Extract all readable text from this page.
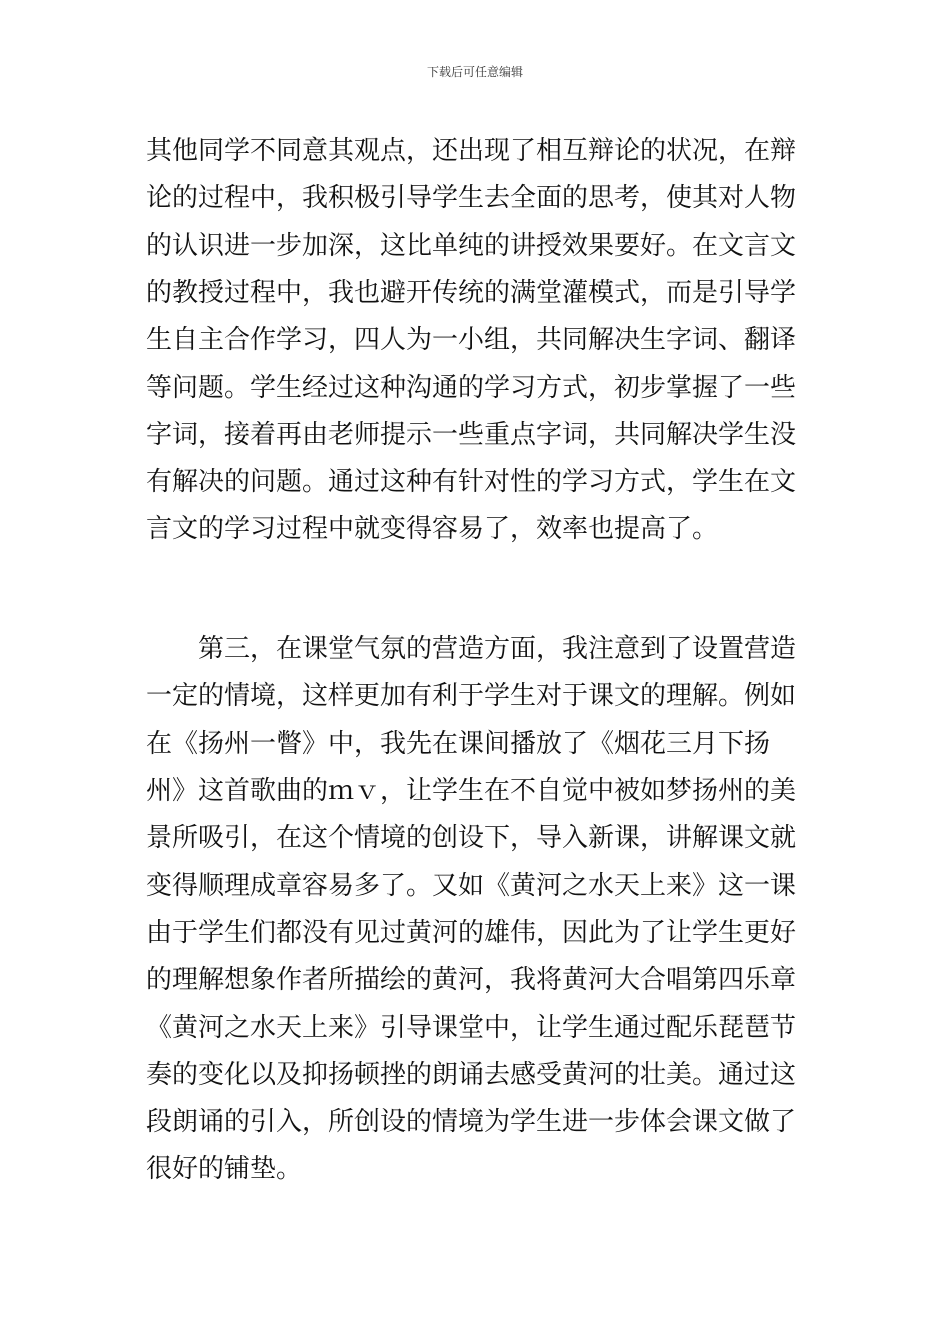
下载后可任意编辑
其他同学不同意其观点，还出现了相互辩论的状况，在辩
论的过程中，我积极引导学生去全面的思考，使其对人物
的认识进一步加深，这比单纯的讲授效果要好。在文言文
的教授过程中，我也避开传统的满堂灌模式，而是引导学
生自主合作学习，四人为一小组，共同解决生字词、翻译
等问题。学生经过这种沟通的学习方式，初步掌握了一些
字词，接着再由老师提示一些重点字词，共同解决学生没
有解决的问题。通过这种有针对性的学习方式，学生在文
言文的学习过程中就变得容易了，效率也提高了。
第三，在课堂气氛的营造方面，我注意到了设置营造
一定的情境，这样更加有利于学生对于课文的理解。例如
在《扬州一瞥》中，我先在课间播放了《烟花三月下扬
州》这首歌曲的ｍｖ，让学生在不自觉中被如梦扬州的美
景所吸引，在这个情境的创设下，导入新课，讲解课文就
变得顺理成章容易多了。又如《黄河之水天上来》这一课
由于学生们都没有见过黄河的雄伟，因此为了让学生更好
的理解想象作者所描绘的黄河，我将黄河大合唱第四乐章
《黄河之水天上来》引导课堂中，让学生通过配乐琵琶节
奏的变化以及抑扬顿挫的朗诵去感受黄河的壮美。通过这
段朗诵的引入，所创设的情境为学生进一步体会课文做了
很好的铺垫。
